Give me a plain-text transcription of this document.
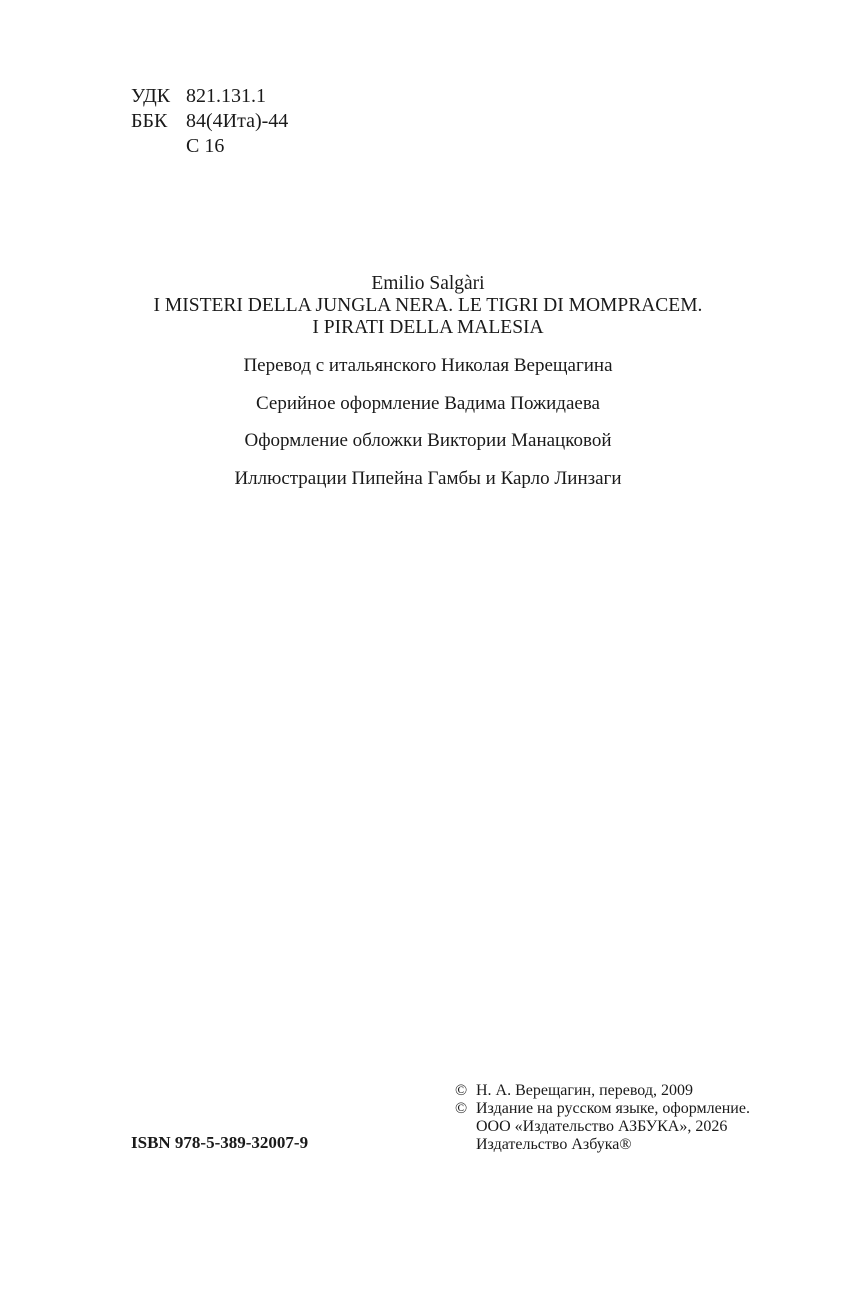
УДК 821.131.1
ББК 84(4Ита)-44
С 16
Emilio Salgàri
I MISTERI DELLA JUNGLA NERA. LE TIGRI DI MOMPRACEM.
I PIRATI DELLA MALESIA
Перевод с итальянского Николая Верещагина
Серийное оформление Вадима Пожидаева
Оформление обложки Виктории Манацковой
Иллюстрации Пипейна Гамбы и Карло Линзаги
ISBN 978-5-389-32007-9
© Н. А. Верещагин, перевод, 2009
© Издание на русском языке, оформление.
ООО «Издательство АЗБУКА», 2026
Издательство Азбука®
